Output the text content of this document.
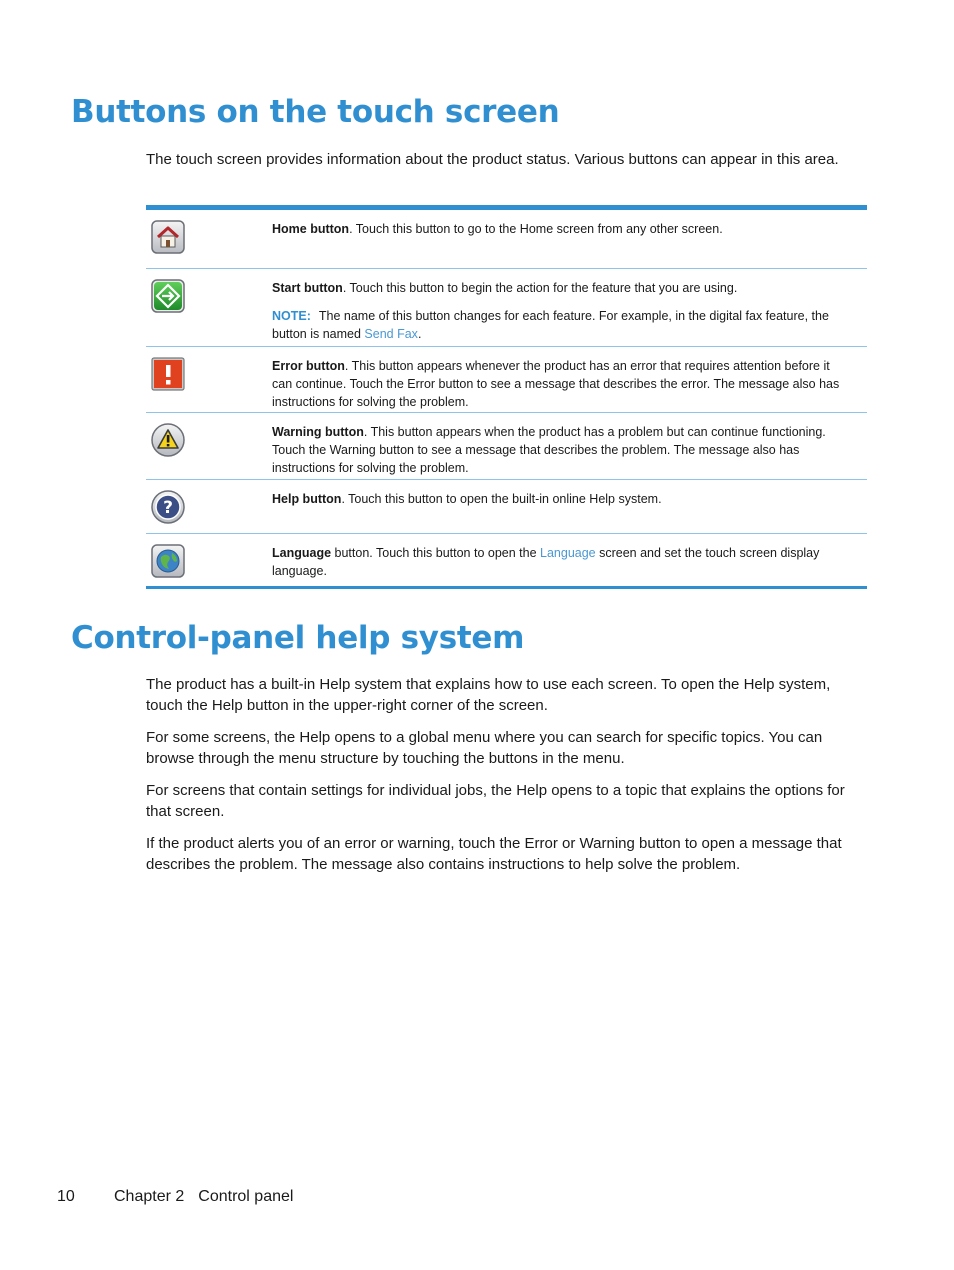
Buttons on the touch screen

The touch screen provides information about the product status. Various buttons can appear in this area.

Home button. Touch this button to go to the Home screen from any other screen.
Start button. Touch this button to begin the action for the feature that you are using.
NOTE: The name of this button changes for each feature. For example, in the digital fax feature, the button is named Send Fax.
Error button. This button appears whenever the product has an error that requires attention before it can continue. Touch the Error button to see a message that describes the error. The message also has instructions for solving the problem.
Warning button. This button appears when the product has a problem but can continue functioning. Touch the Warning button to see a message that describes the problem. The message also has instructions for solving the problem.
?	Help button. Touch this button to open the built-in online Help system.
Language button. Touch this button to open the Language screen and set the touch screen display language.
Control-panel help system

The product has a built-in Help system that explains how to use each screen. To open the Help system, touch the Help button in the upper-right corner of the screen.

For some screens, the Help opens to a global menu where you can search for specific topics. You can browse through the menu structure by touching the buttons in the menu.

For screens that contain settings for individual jobs, the Help opens to a topic that explains the options for that screen.

If the product alerts you of an error or warning, touch the Error or Warning button to open a message that describes the problem. The message also contains instructions to help solve the problem.

10 Chapter 2 Control panel
